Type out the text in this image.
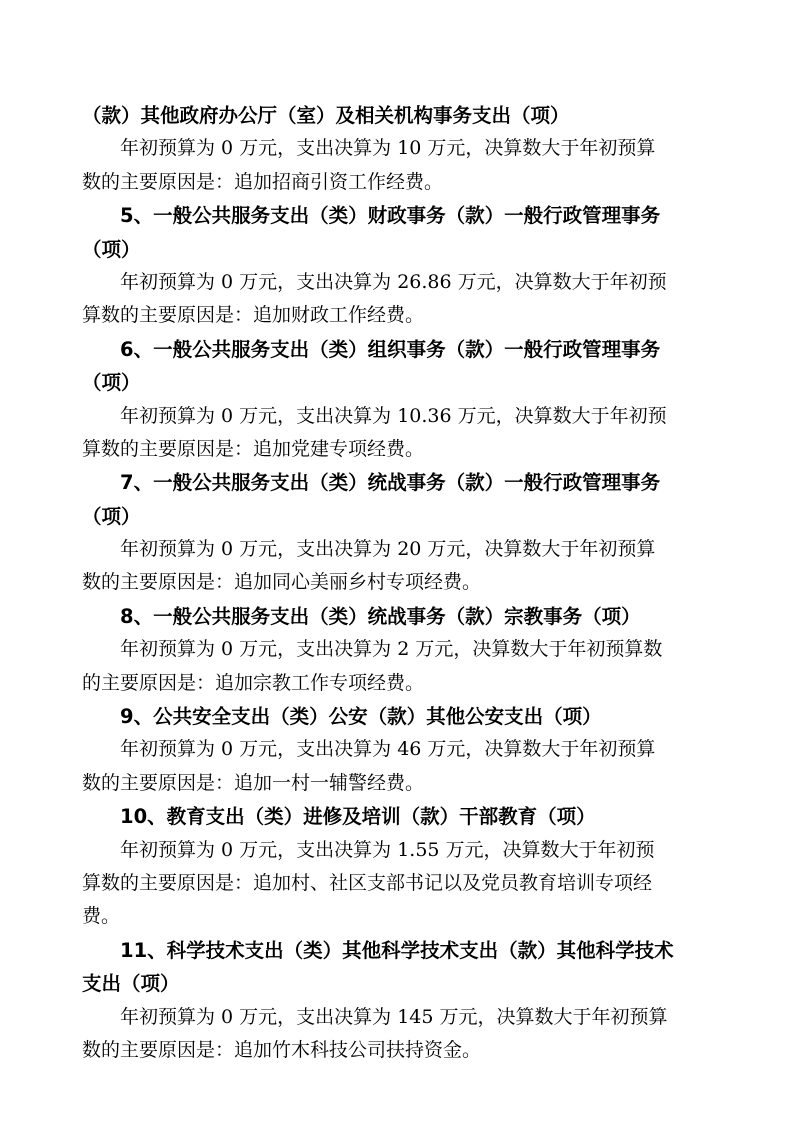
（款）其他政府办公厅（室）及相关机构事务支出（项）
年初预算为 0 万元，支出决算为 10 万元，决算数大于年初预算
数的主要原因是：追加招商引资工作经费。
5、一般公共服务支出（类）财政事务（款）一般行政管理事务
（项）
年初预算为 0 万元，支出决算为 26.86 万元，决算数大于年初预
算数的主要原因是：追加财政工作经费。
6、一般公共服务支出（类）组织事务（款）一般行政管理事务
（项）
年初预算为 0 万元，支出决算为 10.36 万元，决算数大于年初预
算数的主要原因是：追加党建专项经费。
7、一般公共服务支出（类）统战事务（款）一般行政管理事务
（项）
年初预算为 0 万元，支出决算为 20 万元，决算数大于年初预算
数的主要原因是：追加同心美丽乡村专项经费。
8、一般公共服务支出（类）统战事务（款）宗教事务（项）
年初预算为 0 万元，支出决算为 2 万元，决算数大于年初预算数
的主要原因是：追加宗教工作专项经费。
9、公共安全支出（类）公安（款）其他公安支出（项）
年初预算为 0 万元，支出决算为 46 万元，决算数大于年初预算
数的主要原因是：追加一村一辅警经费。
10、教育支出（类）进修及培训（款）干部教育（项）
年初预算为 0 万元，支出决算为 1.55 万元，决算数大于年初预
算数的主要原因是：追加村、社区支部书记以及党员教育培训专项经
费。
11、科学技术支出（类）其他科学技术支出（款）其他科学技术
支出（项）
年初预算为 0 万元，支出决算为 145 万元，决算数大于年初预算
数的主要原因是：追加竹木科技公司扶持资金。
